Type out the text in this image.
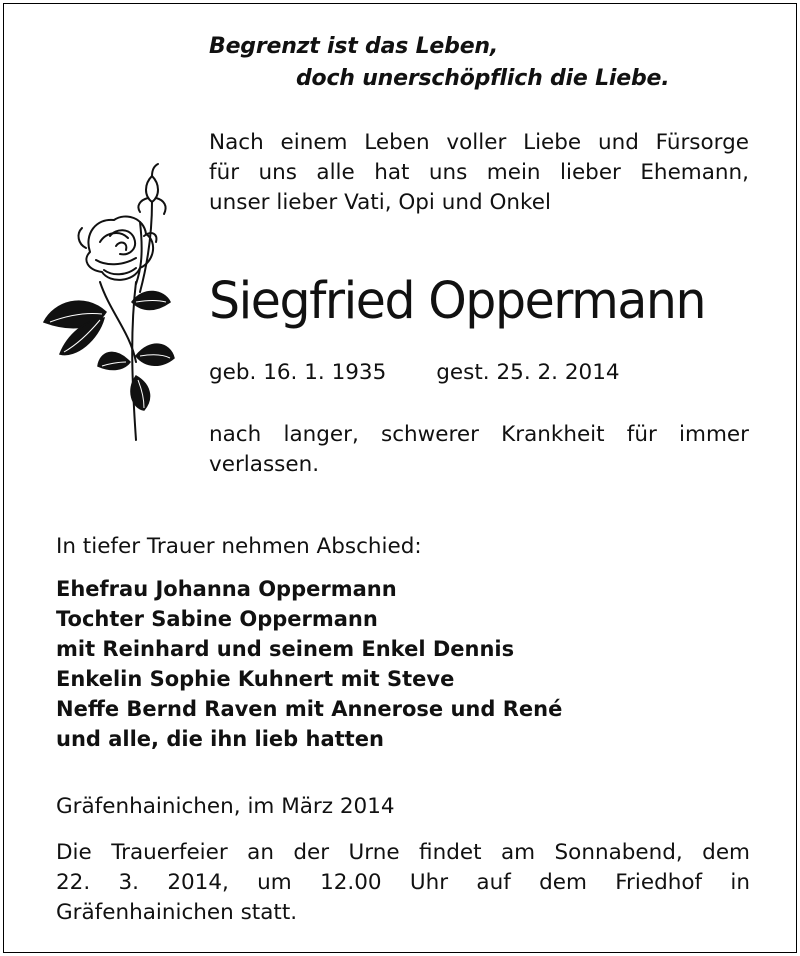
Begrenzt ist das Leben,
doch unerschöpflich die Liebe.
Nach einem Leben voller Liebe und Fürsorge
für uns alle hat uns mein lieber Ehemann,
unser lieber Vati, Opi und Onkel
Siegfried Oppermann
geb. 16. 1. 1935 gest. 25. 2. 2014
nach langer, schwerer Krankheit für immer
verlassen.
In tiefer Trauer nehmen Abschied:
Ehefrau Johanna Oppermann
Tochter Sabine Oppermann
mit Reinhard und seinem Enkel Dennis
Enkelin Sophie Kuhnert mit Steve
Neffe Bernd Raven mit Annerose und René
und alle, die ihn lieb hatten
Gräfenhainichen, im März 2014
Die Trauerfeier an der Urne findet am Sonnabend, dem
22. 3. 2014, um 12.00 Uhr auf dem Friedhof in
Gräfenhainichen statt.
